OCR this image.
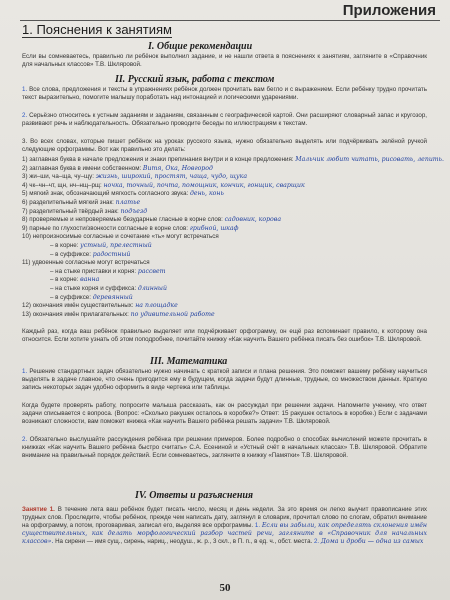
Приложения
1. Пояснения к занятиям
I. Общие рекомендации
Если вы сомневаетесь, правильно ли ребёнок выполнил задание, и не нашли ответа в пояснениях к занятиям, загляните в «Справочник для начальных классов» Т.В. Шкляровой.
II. Русский язык, работа с текстом
1. Все слова, предложения и тексты в упражнениях ребёнок должен прочитать вам бегло и с выражением. Если ребёнку трудно прочитать текст выразительно, помогите малышу поработать над интонацией и логическими ударениями.
2. Серьёзно относитесь к устным заданиям и заданиям, связанным с географической картой. Они расширяют словарный запас и кругозор, развивают речь и наблюдательность. Обязательно проводите беседы по иллюстрациям к текстам.
3. Во всех словах, которые пишет ребёнок на уроках русского языка, нужно обязательно выделять или подчёркивать зелёной ручкой следующие орфограммы. Вот как правильно это делать:
1) заглавная буква в начале предложения и знаки препинания внутри и в конце предложения: Мальчик любит читать, рисовать, лепить.
2) заглавная буква в имени собственном: Витя, Ока, Новгород
3) жи–ши, ча–ща, чу–щу: жизнь, широкий, простят, чаща, чудо, щука
4) чк–чн–чт, щн, нч–нщ–рщ: ночка, точный, почта, помощник, кончик, гонщик, сварщик
5) мягкий знак, обозначающий мягкость согласного звука: день, конь
6) разделительный мягкий знак: платье
7) разделительный твёрдый знак: подъезд
8) проверяемые и непроверяемые безударные гласные в корне слов: садовник, корова
9) парные по глухости/звонкости согласные в корне слов: грибной, шкаф
10) непроизносимые согласные и сочетание «ть» могут встречаться
– в корне: устный, прелестный
– в суффиксе: радостный
11) удвоенные согласные могут встречаться
– на стыке приставки и корня: рассвет
– в корне: ванна
– на стыке корня и суффикса: длинный
– в суффиксе: деревянный
12) окончания имён существительных: на площадке
13) окончания имён прилагательных: по удивительной работе
Каждый раз, когда ваш ребёнок правильно выделяет или подчёркивает орфограмму, он ещё раз вспоминает правило, к которому она относится. Если хотите узнать об этом поподробнее, почитайте книжку «Как научить Вашего ребёнка писать без ошибок» Т.В. Шкляровой.
III. Математика
1. Решение стандартных задач обязательно нужно начинать с краткой записи и плана решения. Это поможет вашему ребёнку научиться выделять в задаче главное, что очень пригодится ему в будущем, когда задачи будут длинные, трудные, со множеством данных. Краткую запись некоторых задач удобно оформить в виде чертежа или таблицы.
Когда будете проверять работу, попросите малыша рассказать, как он рассуждал при решении задачи. Напомните ученику, что ответ задачи списывается с вопроса. (Вопрос: «Сколько ракушек осталось в коробке?» Ответ: 15 ракушек осталось в коробке.) Если с задачами возникают сложности, вам поможет книжка «Как научить Вашего ребёнка решать задачи» Т.В. Шкляровой.
2. Обязательно выслушайте рассуждения ребёнка при решении примеров. Более подробно о способах вычислений можете прочитать в книжках «Как научить Вашего ребёнка быстро считать» С.А. Есениной и «Устный счёт в начальных классах» Т.В. Шкляровой. Обратите внимание на правильный порядок действий. Если сомневаетесь, загляните в книжку «Памятки» Т.В. Шкляровой.
IV. Ответы и разъяснения
Занятие 1. В течение лета ваш ребёнок будет писать число, месяц и день недели. За это время он легко выучит правописание этих трудных слов. Проследите, чтобы ребёнок, прежде чем написать дату, заглянул в словарик, прочитал слово по слогам, обратил внимание на орфограмму, а потом, проговаривая, записал его, выделяя все орфограммы. 1. Если вы забыли, как определять склонения имён существительных, как делать морфологический разбор частей речи, загляните в «Справочник для начальных классов». На сирени — имя сущ., сирень, нариц., неодуш., ж. р., 3 скл., в П. п., в ед. ч., обст. места. 2. Дома и дроби — одна из самых
50
